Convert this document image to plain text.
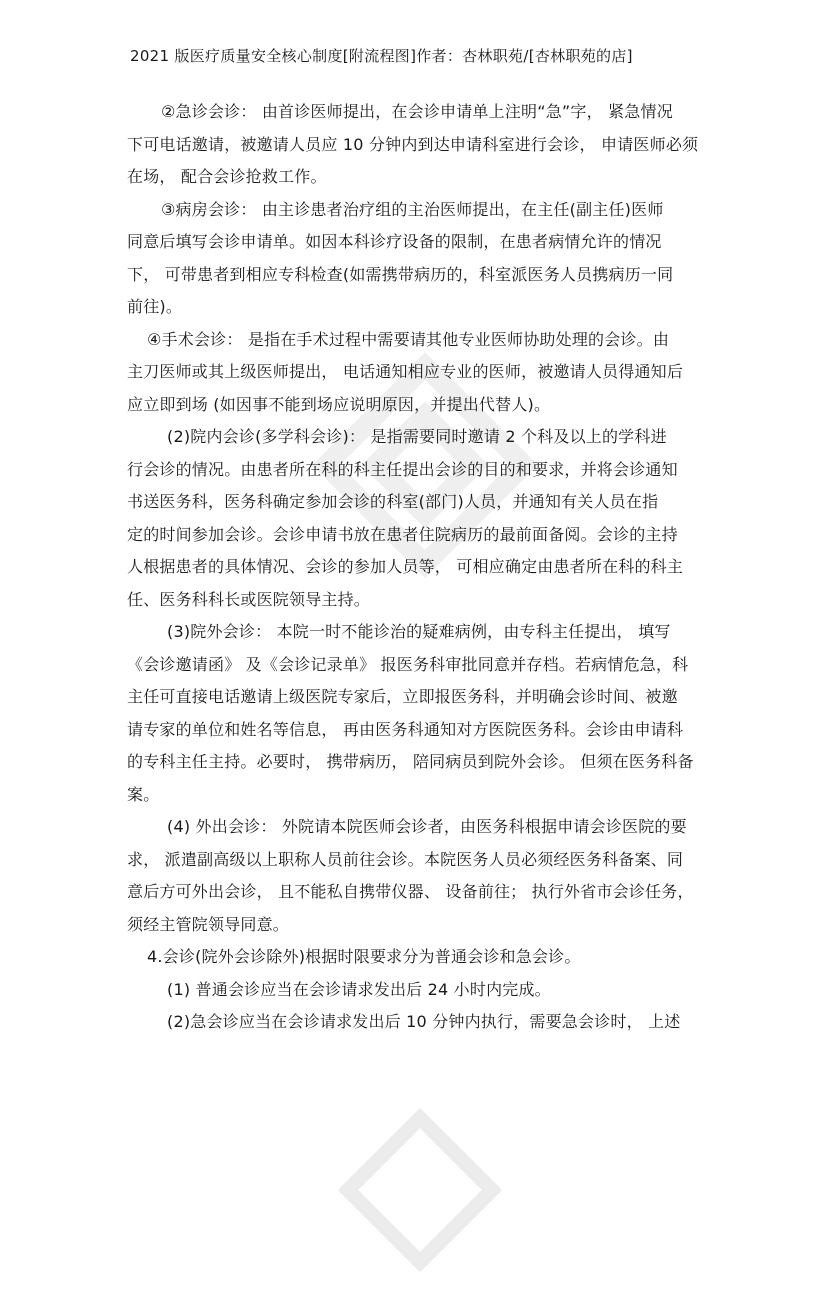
2021 版医疗质量安全核心制度[附流程图]作者：杏林职苑/[杏林职苑的店]
②急诊会诊： 由首诊医师提出，在会诊申请单上注明“急”字， 紧急情况
下可电话邀请，被邀请人员应 10 分钟内到达申请科室进行会诊， 申请医师必须
在场， 配合会诊抢救工作。
③病房会诊： 由主诊患者治疗组的主治医师提出，在主任(副主任)医师
同意后填写会诊申请单。如因本科诊疗设备的限制，在患者病情允许的情况
下， 可带患者到相应专科检查(如需携带病历的，科室派医务人员携病历一同
前往)。
④手术会诊： 是指在手术过程中需要请其他专业医师协助处理的会诊。由
主刀医师或其上级医师提出， 电话通知相应专业的医师，被邀请人员得通知后
应立即到场 (如因事不能到场应说明原因，并提出代替人)。
(2)院内会诊(多学科会诊)： 是指需要同时邀请 2 个科及以上的学科进
行会诊的情况。由患者所在科的科主任提出会诊的目的和要求，并将会诊通知
书送医务科，医务科确定参加会诊的科室(部门)人员，并通知有关人员在指
定的时间参加会诊。会诊申请书放在患者住院病历的最前面备阅。会诊的主持
人根据患者的具体情况、会诊的参加人员等， 可相应确定由患者所在科的科主
任、医务科科长或医院领导主持。
(3)院外会诊： 本院一时不能诊治的疑难病例，由专科主任提出， 填写
《会诊邀请函》 及《会诊记录单》 报医务科审批同意并存档。若病情危急，科
主任可直接电话邀请上级医院专家后，立即报医务科，并明确会诊时间、被邀
请专家的单位和姓名等信息， 再由医务科通知对方医院医务科。会诊由申请科
的专科主任主持。必要时， 携带病历， 陪同病员到院外会诊。 但须在医务科备
案。
(4) 外出会诊： 外院请本院医师会诊者，由医务科根据申请会诊医院的要
求， 派遣副高级以上职称人员前往会诊。本院医务人员必须经医务科备案、同
意后方可外出会诊， 且不能私自携带仪器、 设备前往； 执行外省市会诊任务，
须经主管院领导同意。
4.会诊(院外会诊除外)根据时限要求分为普通会诊和急会诊。
(1) 普通会诊应当在会诊请求发出后 24 小时内完成。
(2)急会诊应当在会诊请求发出后 10 分钟内执行，需要急会诊时， 上述
